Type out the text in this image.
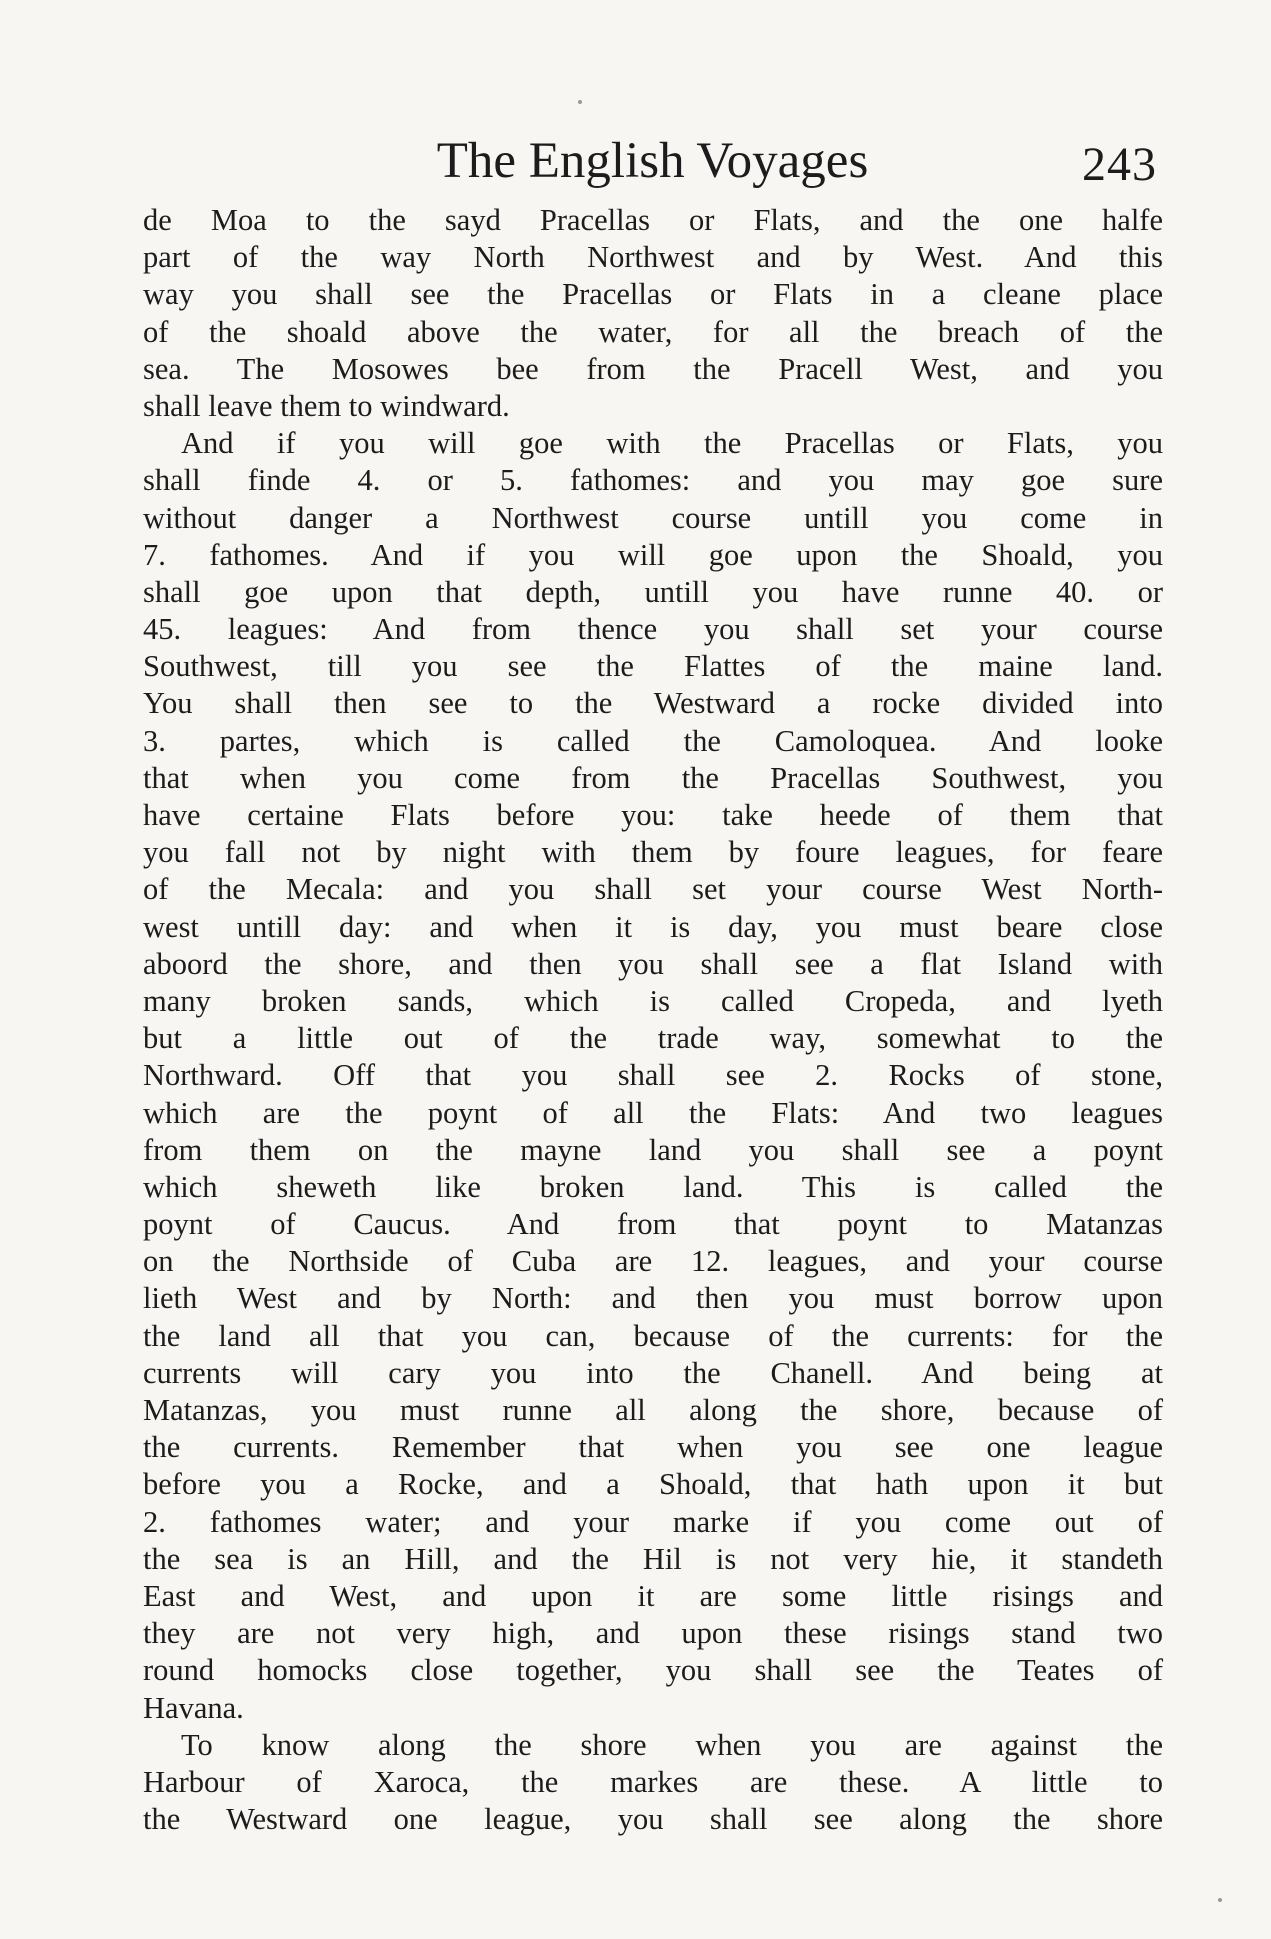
The English Voyages	243
de Moa to the sayd Pracellas or Flats, and the one halfe
part of the way North Northwest and by West. And this
way you shall see the Pracellas or Flats in a cleane place
of the shoald above the water, for all the breach of the
sea. The Mosowes bee from the Pracell West, and you
shall leave them to windward.
And if you will goe with the Pracellas or Flats, you
shall finde 4. or 5. fathomes: and you may goe sure
without danger a Northwest course untill you come in
7. fathomes. And if you will goe upon the Shoald, you
shall goe upon that depth, untill you have runne 40. or
45. leagues: And from thence you shall set your course
Southwest, till you see the Flattes of the maine land.
You shall then see to the Westward a rocke divided into
3. partes, which is called the Camoloquea. And looke
that when you come from the Pracellas Southwest, you
have certaine Flats before you: take heede of them that
you fall not by night with them by foure leagues, for feare
of the Mecala: and you shall set your course West North-
west untill day: and when it is day, you must beare close
aboord the shore, and then you shall see a flat Island with
many broken sands, which is called Cropeda, and lyeth
but a little out of the trade way, somewhat to the
Northward. Off that you shall see 2. Rocks of stone,
which are the poynt of all the Flats: And two leagues
from them on the mayne land you shall see a poynt
which sheweth like broken land. This is called the
poynt of Caucus. And from that poynt to Matanzas
on the Northside of Cuba are 12. leagues, and your course
lieth West and by North: and then you must borrow upon
the land all that you can, because of the currents: for the
currents will cary you into the Chanell. And being at
Matanzas, you must runne all along the shore, because of
the currents. Remember that when you see one league
before you a Rocke, and a Shoald, that hath upon it but
2. fathomes water; and your marke if you come out of
the sea is an Hill, and the Hil is not very hie, it standeth
East and West, and upon it are some little risings and
they are not very high, and upon these risings stand two
round homocks close together, you shall see the Teates of
Havana.
To know along the shore when you are against the
Harbour of Xaroca, the markes are these. A little to
the Westward one league, you shall see along the shore
